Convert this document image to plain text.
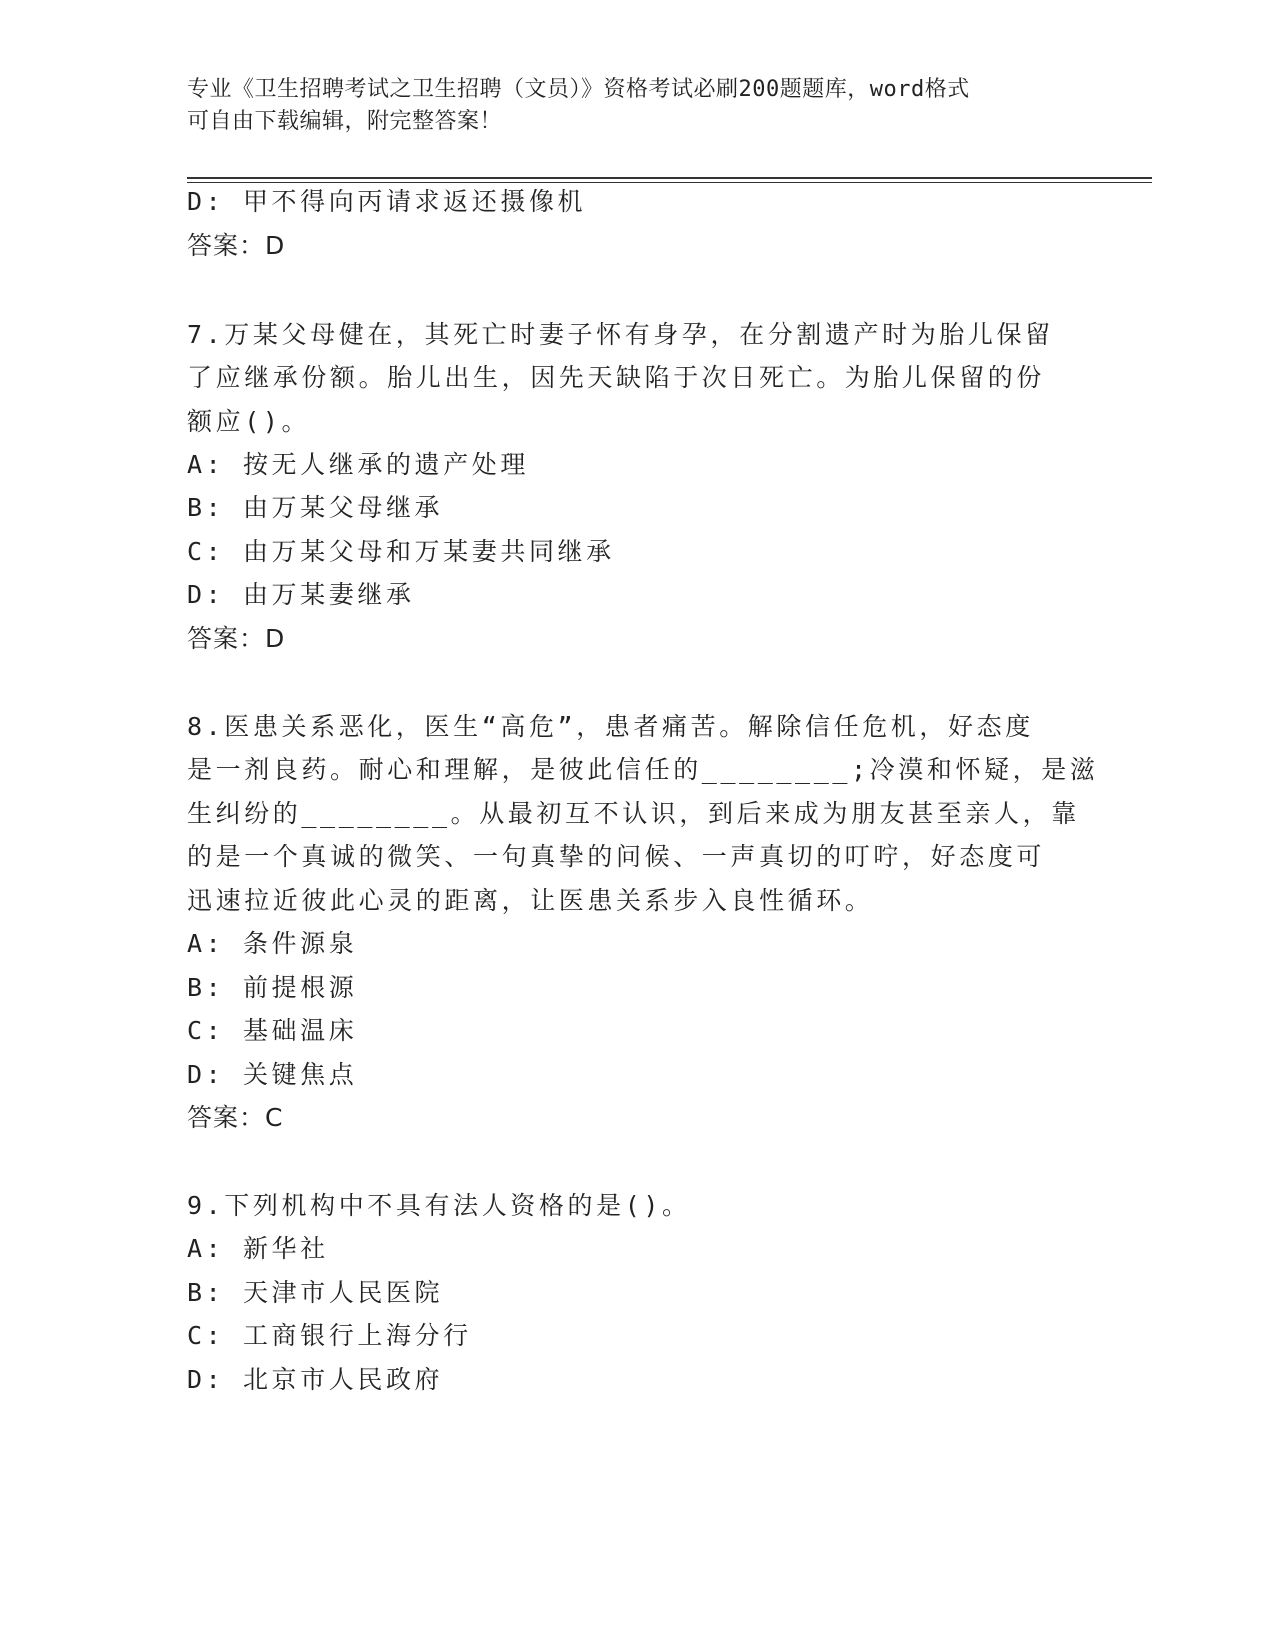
专业《卫生招聘考试之卫生招聘（文员）》资格考试必刷200题题库，word格式
可自由下载编辑，附完整答案！
D: 甲不得向丙请求返还摄像机
答案：D
7.万某父母健在，其死亡时妻子怀有身孕，在分割遗产时为胎儿保留
了应继承份额。胎儿出生，因先天缺陷于次日死亡。为胎儿保留的份
额应()。
A: 按无人继承的遗产处理
B: 由万某父母继承
C: 由万某父母和万某妻共同继承
D: 由万某妻继承
答案：D
8.医患关系恶化，医生“高危”，患者痛苦。解除信任危机，好态度
是一剂良药。耐心和理解，是彼此信任的________;冷漠和怀疑，是滋
生纠纷的________。从最初互不认识，到后来成为朋友甚至亲人，靠
的是一个真诚的微笑、一句真挚的问候、一声真切的叮咛，好态度可
迅速拉近彼此心灵的距离，让医患关系步入良性循环。
A: 条件源泉
B: 前提根源
C: 基础温床
D: 关键焦点
答案：C
9.下列机构中不具有法人资格的是()。
A: 新华社
B: 天津市人民医院
C: 工商银行上海分行
D: 北京市人民政府
